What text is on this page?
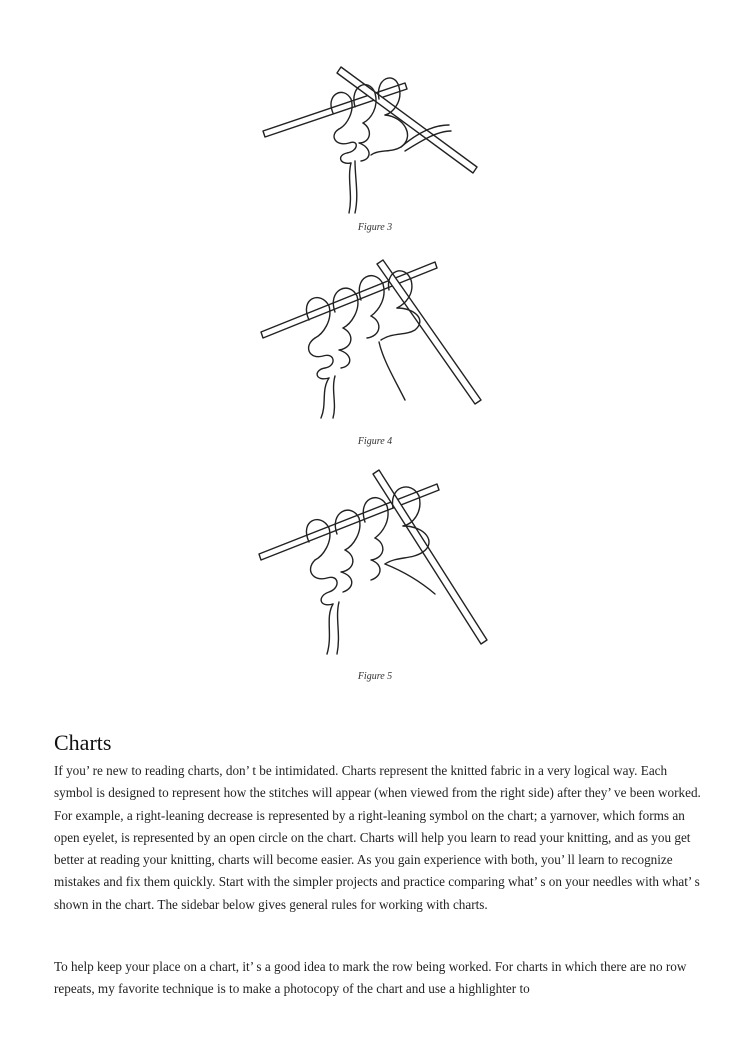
Figure 3
Figure 4
Figure 5
Charts

If you’ re new to reading charts, don’ t be intimidated. Charts represent the knitted fabric in a very logical way. Each symbol is designed to represent how the stitches will appear (when viewed from the right side) after they’ ve been worked. For example, a right-leaning decrease is represented by a right-leaning symbol on the chart; a yarnover, which forms an open eyelet, is represented by an open circle on the chart. Charts will help you learn to read your knitting, and as you get better at reading your knitting, charts will become easier. As you gain experience with both, you’ ll learn to recognize mistakes and fix them quickly. Start with the simpler projects and practice comparing what’ s on your needles with what’ s shown in the chart. The sidebar below gives general rules for working with charts.

To help keep your place on a chart, it’ s a good idea to mark the row being worked. For charts in which there are no row repeats, my favorite technique is to make a photocopy of the chart and use a highlighter to
